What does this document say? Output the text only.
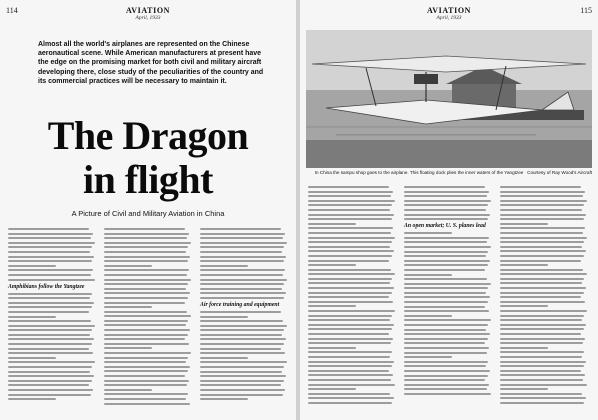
114	AVIATION
April, 1933
Almost all the world's airplanes are represented on the Chinese aeronautical scene. While American manufacturers at present have the edge on the promising market for both civil and military aircraft developing there, close study of the peculiarities of the country and its commercial practices will be necessary to maintain it.
The Dragon
in flight
A Picture of Civil and Military Aviation in China
Amphibians follow the Yangtzee
Air force training and equipment
115
AVIATION
April, 1933
In China the sampu shop goes to the airplane. This floating dock plies the inner waters of the Yangtzee Courtesy of Ray Wood's Aircraft
An open market; U. S. planes lead
